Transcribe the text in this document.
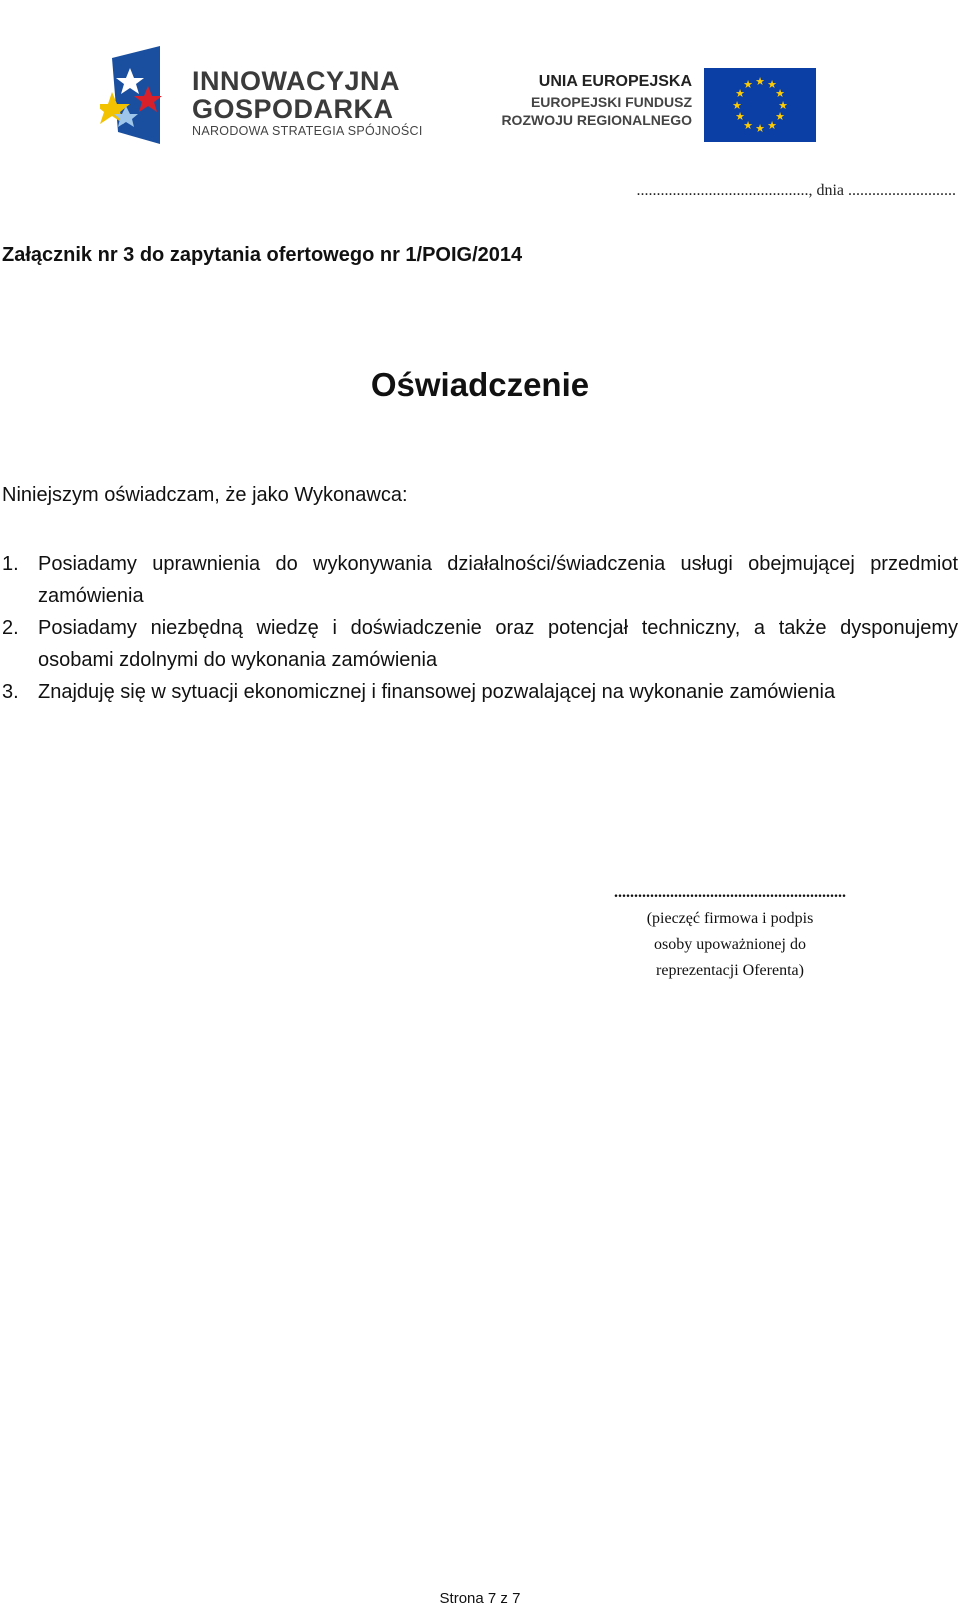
INNOWACYJNA
GOSPODARKA
NARODOWA STRATEGIA SPÓJNOŚCI
UNIA EUROPEJSKA
EUROPEJSKI FUNDUSZ
ROZWOJU REGIONALNEGO
★ ★
★
★
★
★
★
★
★
★
★
★
..........................................., dnia ...........................
Załącznik nr 3 do zapytania ofertowego nr 1/POIG/2014
Oświadczenie
Niniejszym oświadczam, że jako Wykonawca:
1. Posiadamy uprawnienia do wykonywania działalności/świadczenia usługi obejmującej przedmiot zamówienia
2. Posiadamy niezbędną wiedzę i doświadczenie oraz potencjał techniczny, a także dysponujemy osobami zdolnymi do wykonania zamówienia
3. Znajduję się w sytuacji ekonomicznej i finansowej pozwalającej na wykonanie zamówienia
..........................................................
(pieczęć firmowa i podpis
osoby upoważnionej do
reprezentacji Oferenta)
Strona 7 z 7
